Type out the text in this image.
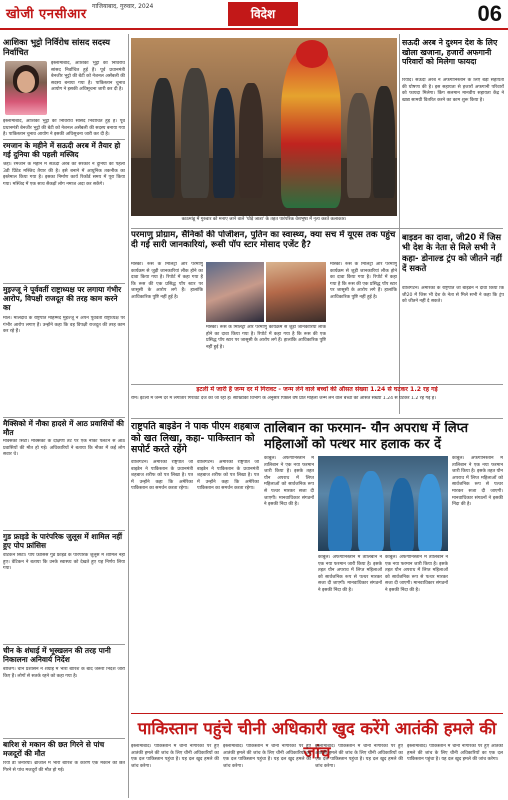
खोजी एनसीआर
गाजियाबाद, गुरुवार, 2024
विदेश	06
आशिका भुट्टो निर्विरोध सांसद सदस्य निर्वाचित
इस्लामाबाद, आशिका भुट्टो की निर्विरोध सांसद निर्वाचित हुई हैं। पूर्व प्रधानमंत्री बेनजीर भुट्टो की बेटी को नेशनल असेंबली की सदस्य बनाया गया है। पाकिस्तान चुनाव आयोग ने इसकी अधिसूचना जारी कर दी है।
इस्लामाबाद, आशिका भुट्टो की निर्विरोध सांसद निर्वाचित हुई हैं। पूर्व प्रधानमंत्री बेनजीर भुट्टो की बेटी को नेशनल असेंबली की सदस्य बनाया गया है। पाकिस्तान चुनाव आयोग ने इसकी अधिसूचना जारी कर दी है।
रमजान के महीने में सऊदी अरब में तैयार हो गई दुनिया की पहली मस्जिद
जेद्दा। रमजान के महीने में सऊदी अरब की सरकार ने दुनिया की पहली 3डी प्रिंटेड मस्जिद तैयार की है। इसे बनाने में आधुनिक तकनीक का इस्तेमाल किया गया है। इसका निर्माण कार्य रिकॉर्ड समय में पूरा किया गया। मस्जिद में एक साथ सैकड़ों लोग नमाज अदा कर सकेंगे।
मुइज्जू ने पूर्ववर्ती राष्ट्राध्यक्ष पर लगाया गंभीर आरोप, विपक्षी राजदूत की तरह काम करने का
माले। मालदीव के राष्ट्रपति मोहम्मद मुइज्जू ने अपने पूर्ववर्ती राष्ट्राध्यक्ष पर गंभीर आरोप लगाए हैं। उन्होंने कहा कि वह विपक्षी राजदूत की तरह काम कर रहे हैं।
मैक्सिको में नौका हादसे में आठ प्रवासियों की मौत
मैक्सिको सिटी। मैक्सिको के दक्षिणी तट पर एक नौका पलटने से आठ प्रवासियों की मौत हो गई। अधिकारियों ने बताया कि नौका में कई लोग सवार थे।
गुड फ्राइडे के पारंपरिक जुलूस में शामिल नहीं हुए पोप फ्रांसिस
वेटिकन सिटी। पोप फ्रांसिस गुड फ्राइडे के पारंपरिक जुलूस में शामिल नहीं हुए। वेटिकन ने बताया कि उनके स्वास्थ्य को देखते हुए यह निर्णय लिया गया।
चीन के शंघाई में भूस्खलन की तरह पानी निकालना अनिवार्य निर्देश
बीजिंग। चीन प्रशासन ने शंघाई में भारी बारिश के बाद जरूरी निर्देश जारी किए हैं। लोगों से सतर्क रहने को कहा गया है।
बारिश से मकान की छत गिरने से पांच मजदूरों की मौत
रियो डी जेनेरियो। ब्राजील में भारी बारिश के कारण एक मकान की छत गिरने से पांच मजदूरों की मौत हो गई।
काठमांडू में गुरुवार को मनाए जाने वाले 'घोड़े जात्रा' के तहत पारंपरिक वेशभूषा में नृत्य करते कलाकार।
सऊदी अरब ने दुश्मन देश के लिए खोला खजाना, हजारों अफगानी परिवारों को मिलेगा फायदा
रियाद। सऊदी अरब ने अफगानिस्तान के लिए बड़ी सहायता की घोषणा की है। इस सहायता से हजारों अफगानी परिवारों को फायदा मिलेगा। किंग सलमान मानवीय सहायता केंद्र ने खाद्य सामग्री वितरित करने का काम शुरू किया है।
परमाणु प्रोग्राम, सैनिकों की पोजीशन, पुतिन का स्वास्थ्य, क्या सच में यूएस तक पहुंच दी गई सारी जानकारियां, रूसी पॉप स्टार मोसाद एजेंट है?
मास्को। रूस के मिलिट्री और परमाणु कार्यक्रम से जुड़ी जानकारियां लीक होने का दावा किया गया है। रिपोर्ट में कहा गया है कि रूस की एक प्रसिद्ध पॉप स्टार पर जासूसी के आरोप लगे हैं। हालांकि आधिकारिक पुष्टि नहीं हुई है।
मास्को। रूस के मिलिट्री और परमाणु कार्यक्रम से जुड़ी जानकारियां लीक होने का दावा किया गया है। रिपोर्ट में कहा गया है कि रूस की एक प्रसिद्ध पॉप स्टार पर जासूसी के आरोप लगे हैं। हालांकि आधिकारिक पुष्टि नहीं हुई है।
मास्को। रूस के मिलिट्री और परमाणु कार्यक्रम से जुड़ी जानकारियां लीक होने का दावा किया गया है। रिपोर्ट में कहा गया है कि रूस की एक प्रसिद्ध पॉप स्टार पर जासूसी के आरोप लगे हैं। हालांकि आधिकारिक पुष्टि नहीं हुई है।
बाइडन का दावा, जी20 में जिस भी देश के नेता से मिले सभी ने कहा- डोनाल्ड ट्रंप को जीतने नहीं दें सकते
वॉशिंगटन। अमेरिका के राष्ट्रपति जो बाइडन ने दावा किया कि जी20 में जिस भी देश के नेता से मिले सभी ने कहा कि ट्रंप को जीतने नहीं दे सकते।
इटली में जारी है जन्म दर में गिरावट - जन्म लेने वाले बच्चों की औसत संख्या 1.24 से घटकर 1.2 रह गई
रोम। इटली में जन्म दर में लगातार गिरावट दर्ज की जा रही है। सांख्यिकी विभाग के अनुसार पिछले वर्ष प्रति महिला जन्म लेने वाले बच्चों की औसत संख्या 1.24 से घटकर 1.2 रह गई है।
राष्ट्रपति बाइडेन ने पाक पीएम शहबाज को खत लिखा, कहा- पाकिस्तान को सपोर्ट करते रहेंगे
वॉशिंगटन। अमेरिकी राष्ट्रपति जो बाइडेन ने पाकिस्तान के प्रधानमंत्री शहबाज शरीफ को पत्र लिखा है। पत्र में उन्होंने कहा कि अमेरिका पाकिस्तान का समर्थन करता रहेगा।
वॉशिंगटन। अमेरिकी राष्ट्रपति जो बाइडेन ने पाकिस्तान के प्रधानमंत्री शहबाज शरीफ को पत्र लिखा है। पत्र में उन्होंने कहा कि अमेरिका पाकिस्तान का समर्थन करता रहेगा।
तालिबान का फरमान- यौन अपराध में लिप्त महिलाओं को पत्थर मार हलाक कर दें
काबुल। अफगानिस्तान में तालिबान ने एक नया फरमान जारी किया है। इसके तहत यौन अपराध में लिप्त महिलाओं को सार्वजनिक रूप से पत्थर मारकर सजा दी जाएगी। मानवाधिकार संगठनों ने इसकी निंदा की है।
काबुल। अफगानिस्तान में तालिबान ने एक नया फरमान जारी किया है। इसके तहत यौन अपराध में लिप्त महिलाओं को सार्वजनिक रूप से पत्थर मारकर सजा दी जाएगी। मानवाधिकार संगठनों ने इसकी निंदा की है।
काबुल। अफगानिस्तान में तालिबान ने एक नया फरमान जारी किया है। इसके तहत यौन अपराध में लिप्त महिलाओं को सार्वजनिक रूप से पत्थर मारकर सजा दी जाएगी। मानवाधिकार संगठनों ने इसकी निंदा की है।
काबुल। अफगानिस्तान में तालिबान ने एक नया फरमान जारी किया है। इसके तहत यौन अपराध में लिप्त महिलाओं को सार्वजनिक रूप से पत्थर मारकर सजा दी जाएगी। मानवाधिकार संगठनों ने इसकी निंदा की है।
पाकिस्तान पहुंचे चीनी अधिकारी खुद करेंगे आतंकी हमले की जांच
इस्लामाबाद। पाकिस्तान में चीनी नागरिकों पर हुए आतंकी हमले की जांच के लिए चीनी अधिकारियों का एक दल पाकिस्तान पहुंचा है। यह दल खुद हमले की जांच करेगा।
इस्लामाबाद। पाकिस्तान में चीनी नागरिकों पर हुए आतंकी हमले की जांच के लिए चीनी अधिकारियों का एक दल पाकिस्तान पहुंचा है। यह दल खुद हमले की जांच करेगा।
इस्लामाबाद। पाकिस्तान में चीनी नागरिकों पर हुए आतंकी हमले की जांच के लिए चीनी अधिकारियों का एक दल पाकिस्तान पहुंचा है। यह दल खुद हमले की जांच करेगा।
इस्लामाबाद। पाकिस्तान में चीनी नागरिकों पर हुए आतंकी हमले की जांच के लिए चीनी अधिकारियों का एक दल पाकिस्तान पहुंचा है। यह दल खुद हमले की जांच करेगा।
